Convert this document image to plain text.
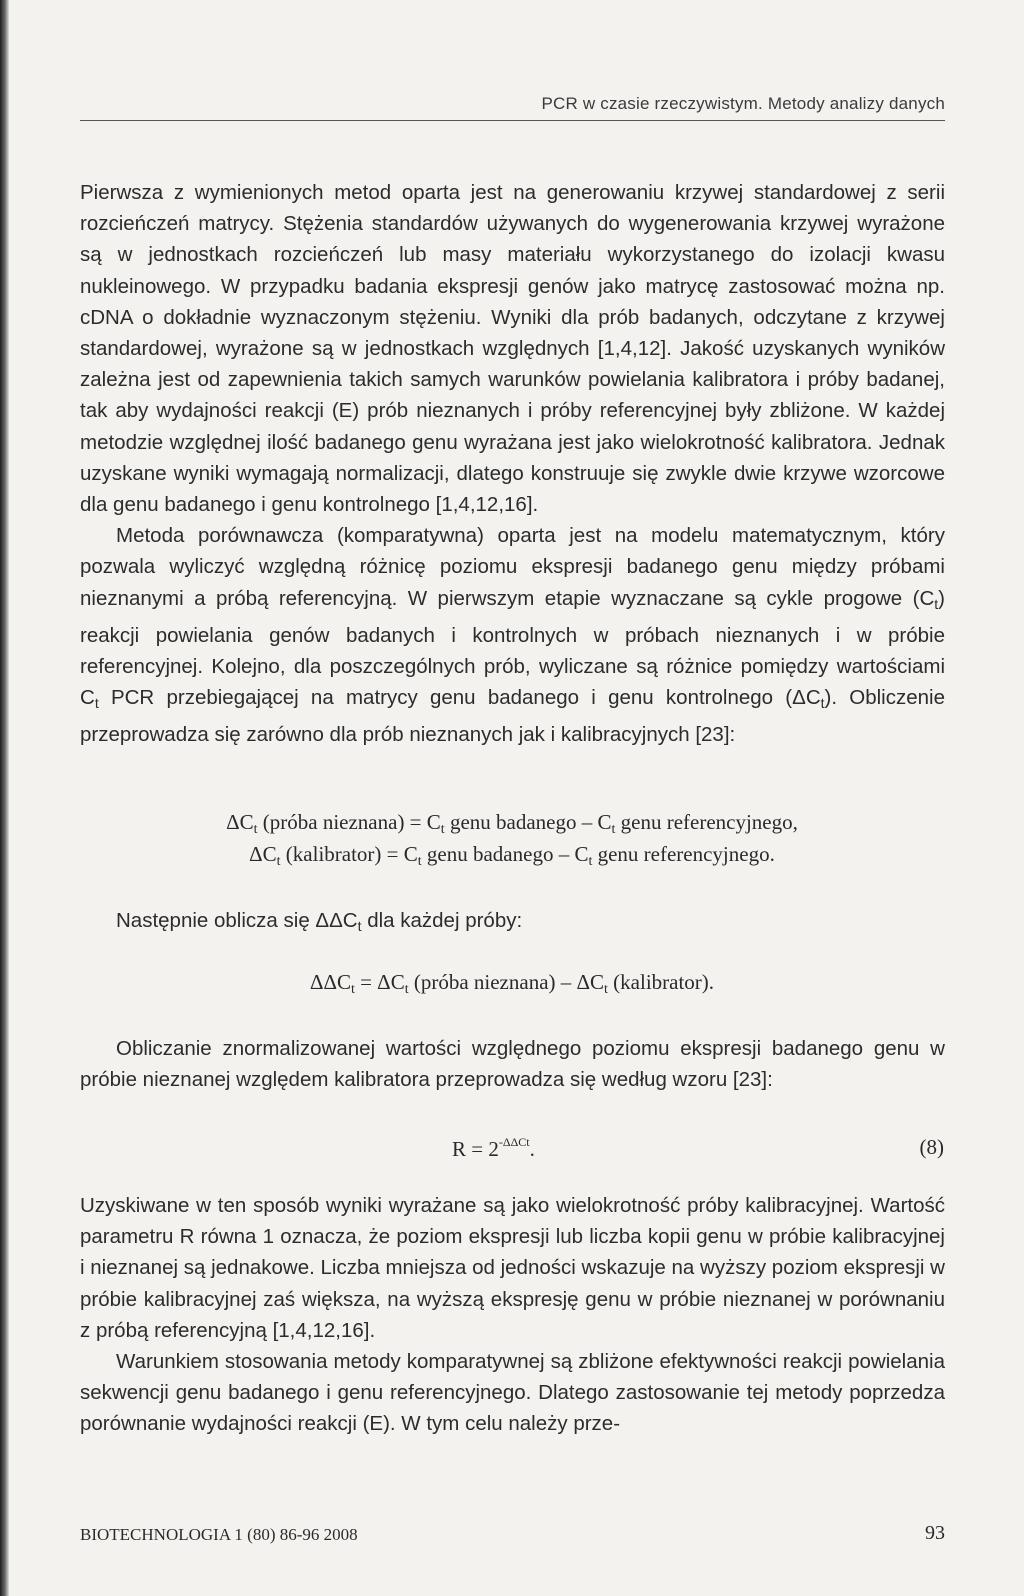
PCR w czasie rzeczywistym. Metody analizy danych

Pierwsza z wymienionych metod oparta jest na generowaniu krzywej standardowej z serii rozcieńczeń matrycy. Stężenia standardów używanych do wygenerowania krzywej wyrażone są w jednostkach rozcieńczeń lub masy materiału wykorzystanego do izolacji kwasu nukleinowego. W przypadku badania ekspresji genów jako matrycę zastosować można np. cDNA o dokładnie wyznaczonym stężeniu. Wyniki dla prób badanych, odczytane z krzywej standardowej, wyrażone są w jednostkach względnych [1,4,12]. Jakość uzyskanych wyników zależna jest od zapewnienia takich samych warunków powielania kalibratora i próby badanej, tak aby wydajności reakcji (E) prób nieznanych i próby referencyjnej były zbliżone. W każdej metodzie względnej ilość badanego genu wyrażana jest jako wielokrotność kalibratora. Jednak uzyskane wyniki wymagają normalizacji, dlatego konstruuje się zwykle dwie krzywe wzorcowe dla genu badanego i genu kontrolnego [1,4,12,16].

Metoda porównawcza (komparatywna) oparta jest na modelu matematycznym, który pozwala wyliczyć względną różnicę poziomu ekspresji badanego genu między próbami nieznanymi a próbą referencyjną. W pierwszym etapie wyznaczane są cykle progowe $(C_t)$ reakcji powielania genów badanych i kontrolnych w próbach nieznanych i w próbie referencyjnej. Kolejno, dla poszczególnych prób, wyliczane są różnice pomiędzy wartościami $C_t$ PCR przebiegającej na matrycy genu badanego i genu kontrolnego $(\Delta C_t)$. Obliczenie przeprowadza się zarówno dla prób nieznanych jak i kalibracyjnych [23]:

$\Delta C_t$ (próba nieznana) = $C_t$ genu badanego – $C_t$ genu referencyjnego,
$\Delta C_t$ (kalibrator) = $C_t$ genu badanego – $C_t$ genu referencyjnego.

Następnie oblicza się $\Delta\Delta C_t$ dla każdej próby:

$\Delta\Delta C_t = \Delta C_t$ (próba nieznana) – $\Delta C_t$ (kalibrator).

Obliczanie znormalizowanej wartości względnego poziomu ekspresji badanego genu w próbie nieznanej względem kalibratora przeprowadza się według wzoru [23]:

$R = 2^{-\Delta\Delta Ct}$.	(8)

Uzyskiwane w ten sposób wyniki wyrażane są jako wielokrotność próby kalibracyjnej. Wartość parametru R równa 1 oznacza, że poziom ekspresji lub liczba kopii genu w próbie kalibracyjnej i nieznanej są jednakowe. Liczba mniejsza od jedności wskazuje na wyższy poziom ekspresji w próbie kalibracyjnej zaś większa, na wyższą ekspresję genu w próbie nieznanej w porównaniu z próbą referencyjną [1,4,12,16].

Warunkiem stosowania metody komparatywnej są zbliżone efektywności reakcji powielania sekwencji genu badanego i genu referencyjnego. Dlatego zastosowanie tej metody poprzedza porównanie wydajności reakcji (E). W tym celu należy prze-

BIOTECHNOLOGIA 1 (80) 86-96 2008	93
